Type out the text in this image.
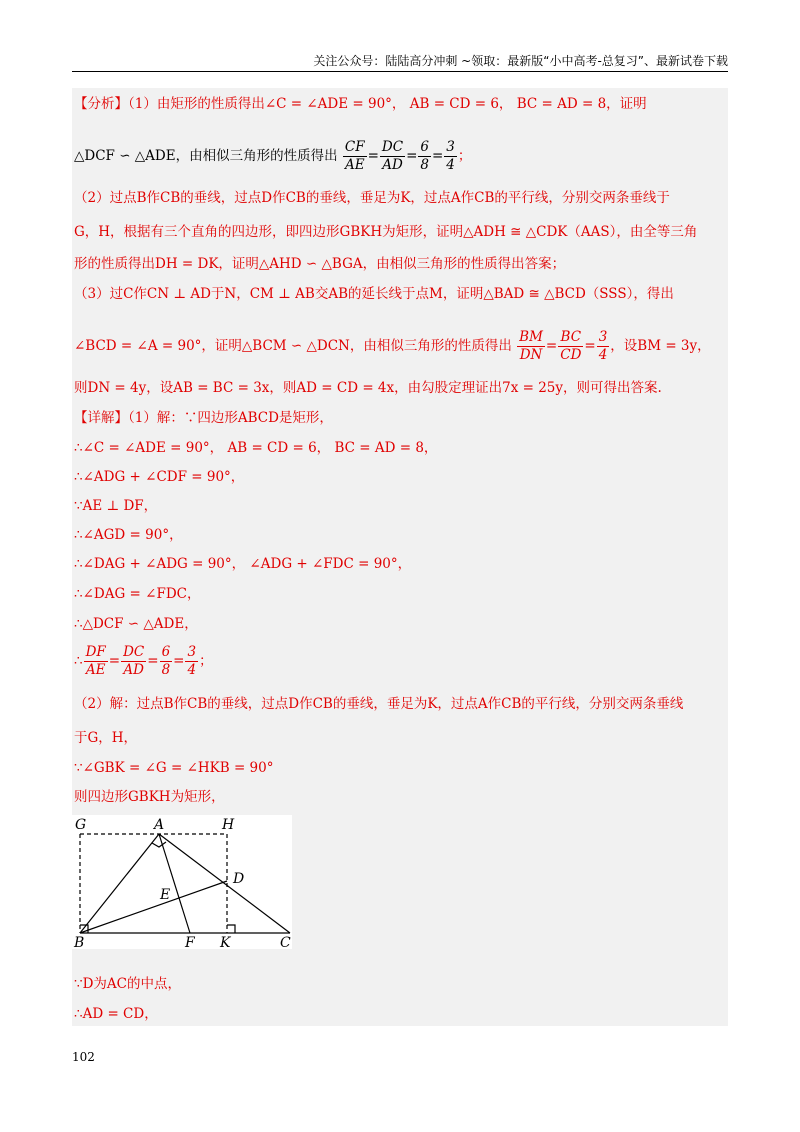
关注公众号：陆陆高分冲刺 ~领取：最新版“小中高考-总复习”、最新试卷下载
【分析】（1）由矩形的性质得出∠C = ∠ADE = 90°， AB = CD = 6， BC = AD = 8，证明
△DCF ∽ △ADE，由相似三角形的性质得出 $\frac{CF}{AE} = \frac{DC}{AD} = \frac{6}{8} = \frac{3}{4}$ ；
（2）过点B作CB的垂线，过点D作CB的垂线，垂足为K，过点A作CB的平行线，分别交两条垂线于
G，H，根据有三个直角的四边形，即四边形GBKH为矩形，证明△ADH ≅ △CDK（AAS），由全等三角
形的性质得出DH = DK，证明△AHD ∽ △BGA，由相似三角形的性质得出答案；
（3）过C作CN ⊥ AD于N，CM ⊥ AB交AB的延长线于点M，证明△BAD ≅ △BCD（SSS），得出
∠BCD = ∠A = 90°，证明△BCM ∽ △DCN，由相似三角形的性质得出 $\frac{BM}{DN} = \frac{BC}{CD} = \frac{3}{4}$ ，设BM = 3y，
则DN = 4y，设AB = BC = 3x，则AD = CD = 4x，由勾股定理证出7x = 25y，则可得出答案.
【详解】（1）解：∵四边形ABCD是矩形，
∴∠C = ∠ADE = 90°， AB = CD = 6， BC = AD = 8，
∴∠ADG + ∠CDF = 90°，
∵AE ⊥ DF，
∴∠AGD = 90°，
∴∠DAG + ∠ADG = 90°， ∠ADG + ∠FDC = 90°，
∴∠DAG = ∠FDC，
∴△DCF ∽ △ADE，
∴ $\frac{DF}{AE} = \frac{DC}{AD} = \frac{6}{8} = \frac{3}{4}$ ；
（2）解：过点B作CB的垂线，过点D作CB的垂线，垂足为K，过点A作CB的平行线，分别交两条垂线
于G，H，
∵∠GBK = ∠G = ∠HKB = 90°
则四边形GBKH为矩形，
∵D为AC的中点，
∴AD = CD，
G	A	H
D
E
B	F K	C
102
